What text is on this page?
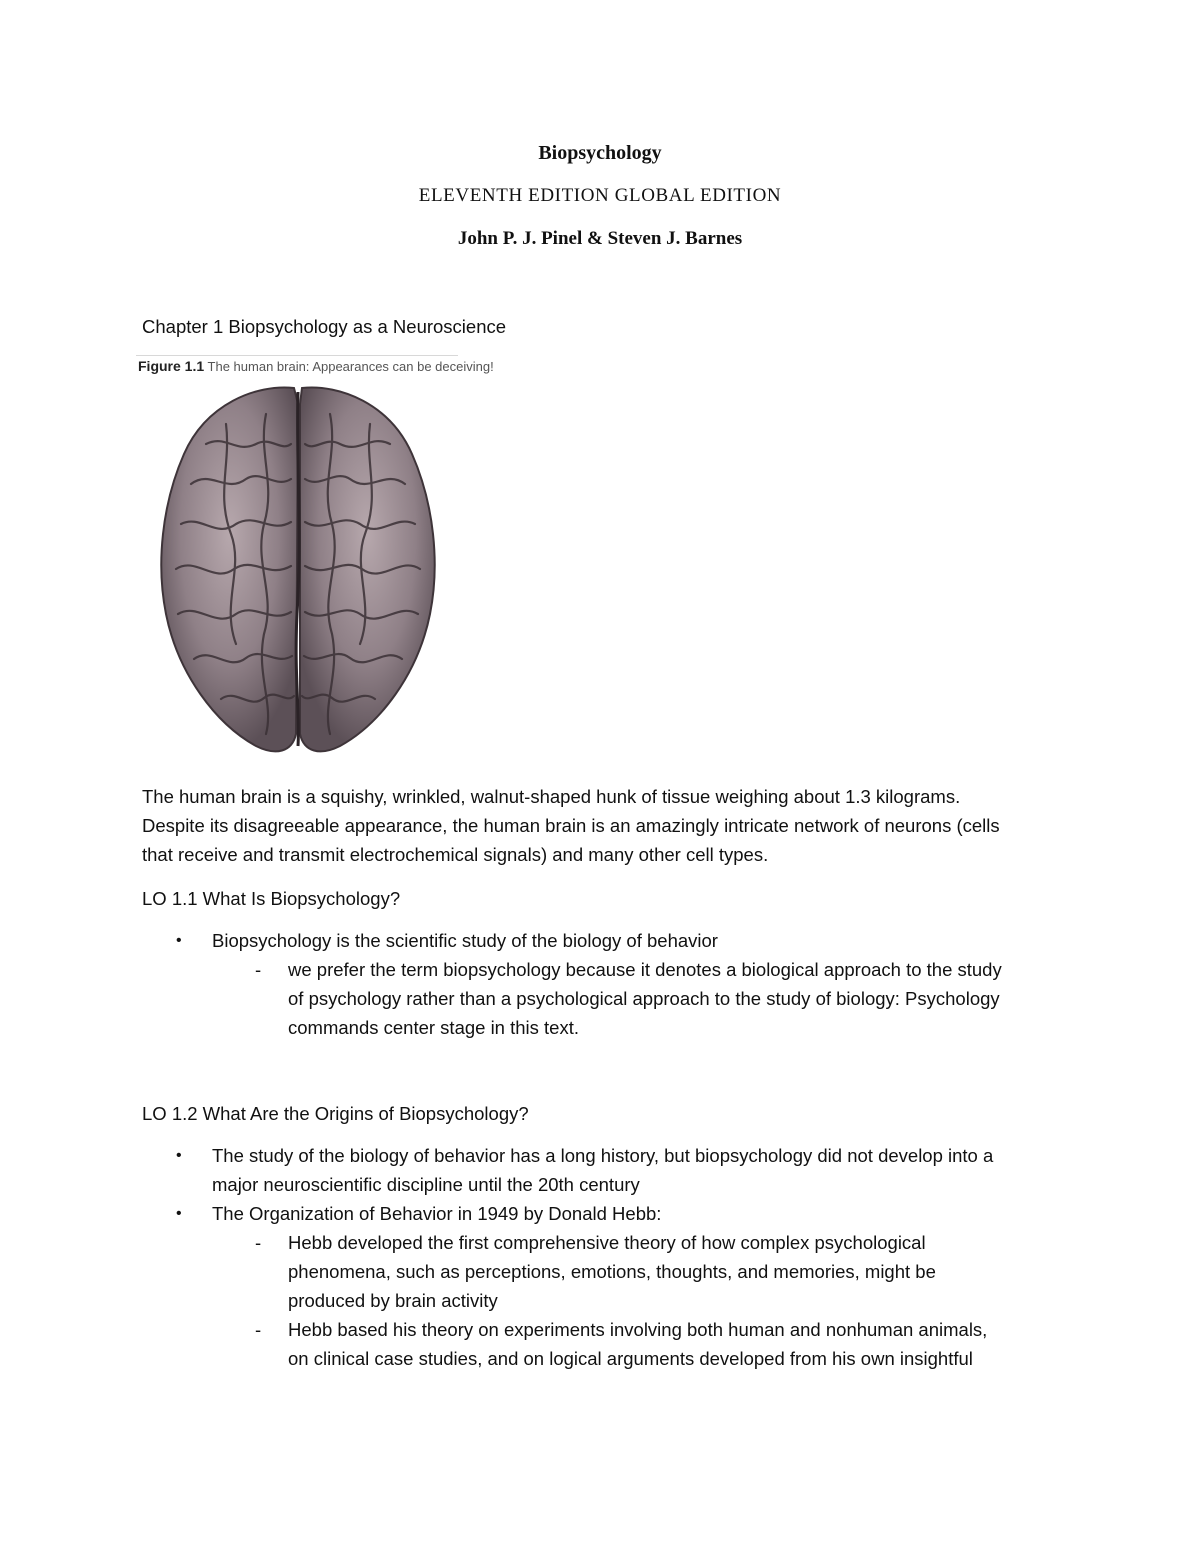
Biopsychology
ELEVENTH EDITION GLOBAL EDITION
John P. J. Pinel & Steven J. Barnes
Chapter 1 Biopsychology as a Neuroscience
Figure 1.1 The human brain: Appearances can be deceiving!
The human brain is a squishy, wrinkled, walnut-shaped hunk of tissue weighing about 1.3 kilograms.
Despite its disagreeable appearance, the human brain is an amazingly intricate network of neurons (cells
that receive and transmit electrochemical signals) and many other cell types.
LO 1.1 What Is Biopsychology?
• Biopsychology is the scientific study of the biology of behavior
- we prefer the term biopsychology because it denotes a biological approach to the study
of psychology rather than a psychological approach to the study of biology: Psychology
commands center stage in this text.
LO 1.2 What Are the Origins of Biopsychology?
• The study of the biology of behavior has a long history, but biopsychology did not develop into a
major neuroscientific discipline until the 20th century
• The Organization of Behavior in 1949 by Donald Hebb:
- Hebb developed the first comprehensive theory of how complex psychological
phenomena, such as perceptions, emotions, thoughts, and memories, might be
produced by brain activity
- Hebb based his theory on experiments involving both human and nonhuman animals,
on clinical case studies, and on logical arguments developed from his own insightful
